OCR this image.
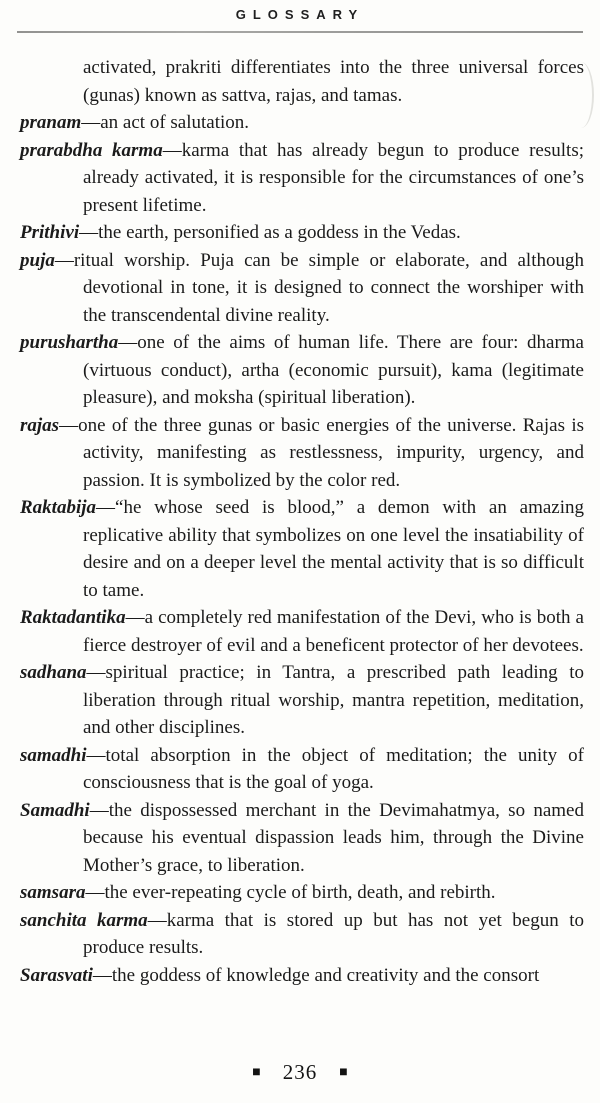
GLOSSARY

activated, prakriti differentiates into the three universal forces (gunas) known as sattva, rajas, and tamas.

pranam—an act of salutation.

prarabdha karma—karma that has already begun to produce results; already activated, it is responsible for the circumstances of one’s present lifetime.

Prithivi—the earth, personified as a goddess in the Vedas.

puja—ritual worship. Puja can be simple or elaborate, and although devotional in tone, it is designed to connect the worshiper with the transcendental divine reality.

purushartha—one of the aims of human life. There are four: dharma (virtuous conduct), artha (economic pursuit), kama (legitimate pleasure), and moksha (spiritual liberation).

rajas—one of the three gunas or basic energies of the universe. Rajas is activity, manifesting as restlessness, impurity, urgency, and passion. It is symbolized by the color red.

Raktabija—“he whose seed is blood,” a demon with an amazing replicative ability that symbolizes on one level the insatiability of desire and on a deeper level the mental activity that is so difficult to tame.

Raktadantika—a completely red manifestation of the Devi, who is both a fierce destroyer of evil and a beneficent protector of her devotees.

sadhana—spiritual practice; in Tantra, a prescribed path leading to liberation through ritual worship, mantra repetition, meditation, and other disciplines.

samadhi—total absorption in the object of meditation; the unity of consciousness that is the goal of yoga.

Samadhi—the dispossessed merchant in the Devimahatmya, so named because his eventual dispassion leads him, through the Divine Mother’s grace, to liberation.

samsara—the ever-repeating cycle of birth, death, and rebirth.

sanchita karma—karma that is stored up but has not yet begun to produce results.

Sarasvati—the goddess of knowledge and creativity and the consort

■ 236 ■
